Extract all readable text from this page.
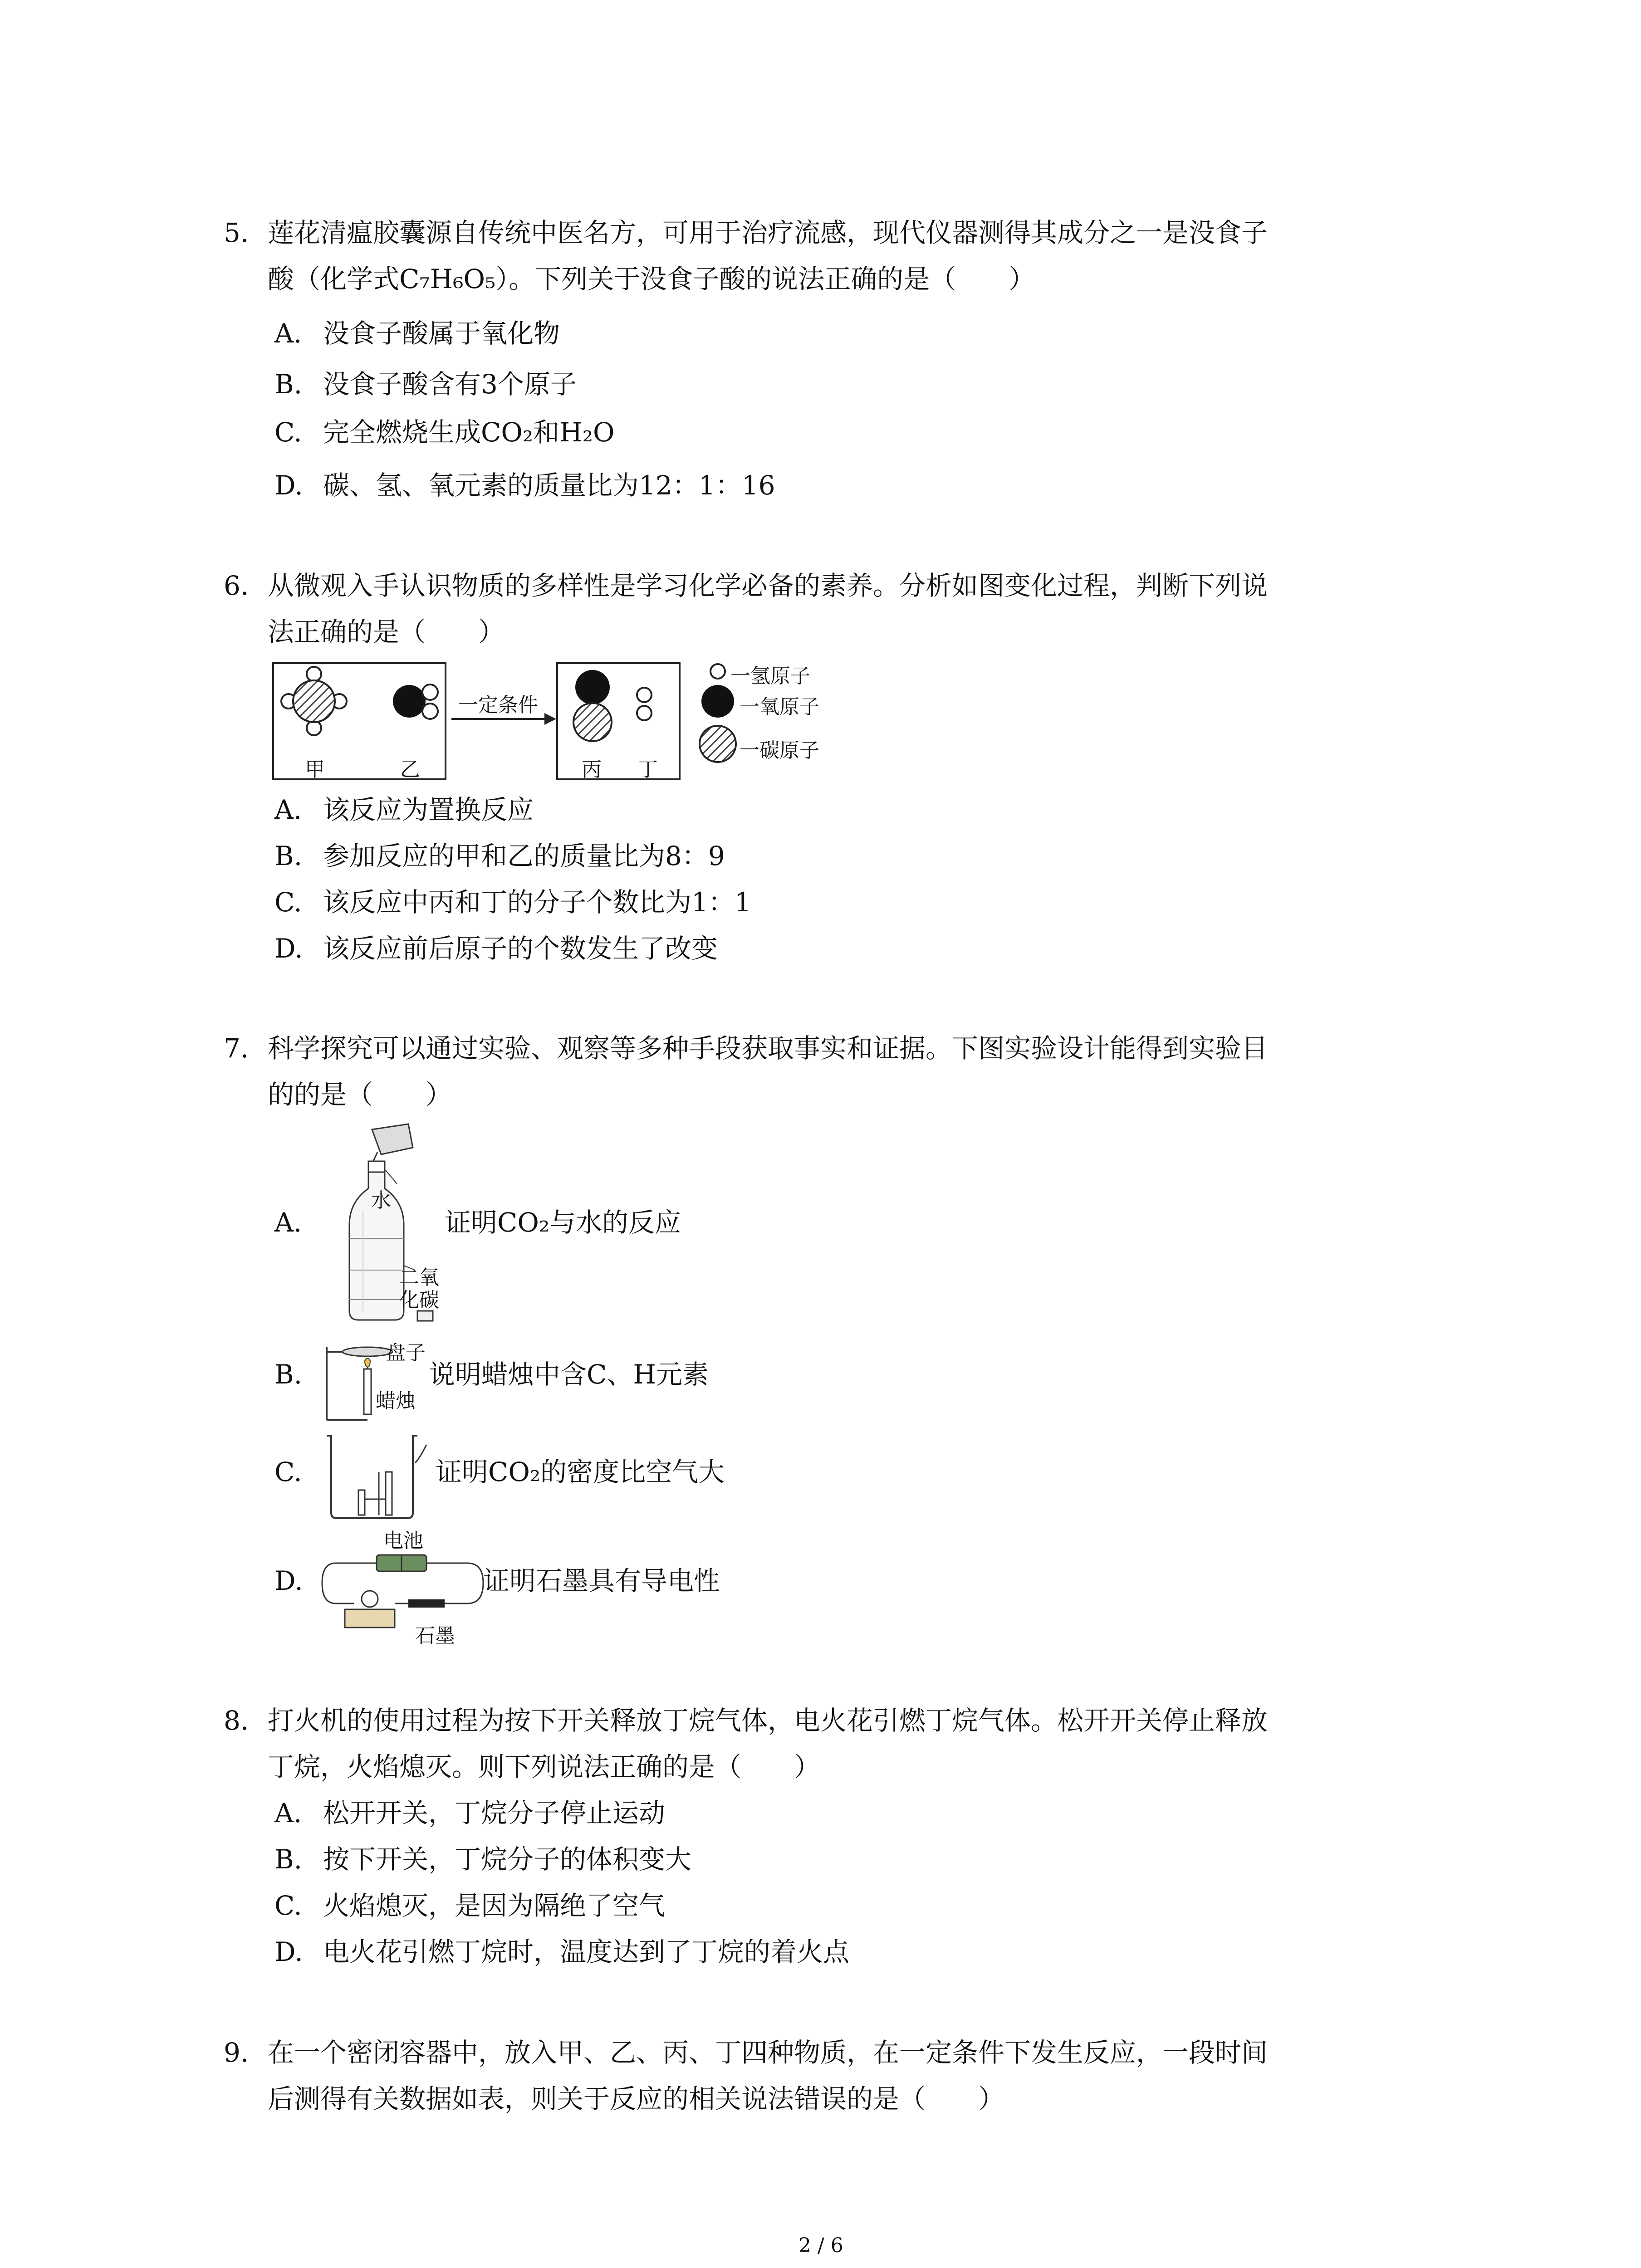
5. 莲花清瘟胶囊源自传统中医名方，可用于治疗流感，现代仪器测得其成分之一是没食子
酸（化学式C₇H₆O₅）。下列关于没食子酸的说法正确的是（　　）
A. 没食子酸属于氧化物
B. 没食子酸含有3个原子
C. 完全燃烧生成CO₂和H₂O
D. 碳、氢、氧元素的质量比为12：1：16
6. 从微观入手认识物质的多样性是学习化学必备的素养。分析如图变化过程，判断下列说
法正确的是（　　）
一定条件
甲	乙	丙 丁
一氢原子
一氧原子
一碳原子
A. 该反应为置换反应
B. 参加反应的甲和乙的质量比为8：9
C. 该反应中丙和丁的分子个数比为1：1
D. 该反应前后原子的个数发生了改变
7. 科学探究可以通过实验、观察等多种手段获取事实和证据。下图实验设计能得到实验目
的的是（　　）
A.
水
二氧
化碳
证明CO₂与水的反应
B.
盘子
蜡烛
说明蜡烛中含C、H元素
C.	证明CO₂的密度比空气大
D.
电池
石墨
证明石墨具有导电性
8. 打火机的使用过程为按下开关释放丁烷气体，电火花引燃丁烷气体。松开开关停止释放
丁烷，火焰熄灭。则下列说法正确的是（　　）
A. 松开开关，丁烷分子停止运动
B. 按下开关，丁烷分子的体积变大
C. 火焰熄灭，是因为隔绝了空气
D. 电火花引燃丁烷时，温度达到了丁烷的着火点
9. 在一个密闭容器中，放入甲、乙、丙、丁四种物质，在一定条件下发生反应，一段时间
后测得有关数据如表，则关于反应的相关说法错误的是（　　）
2 / 6
